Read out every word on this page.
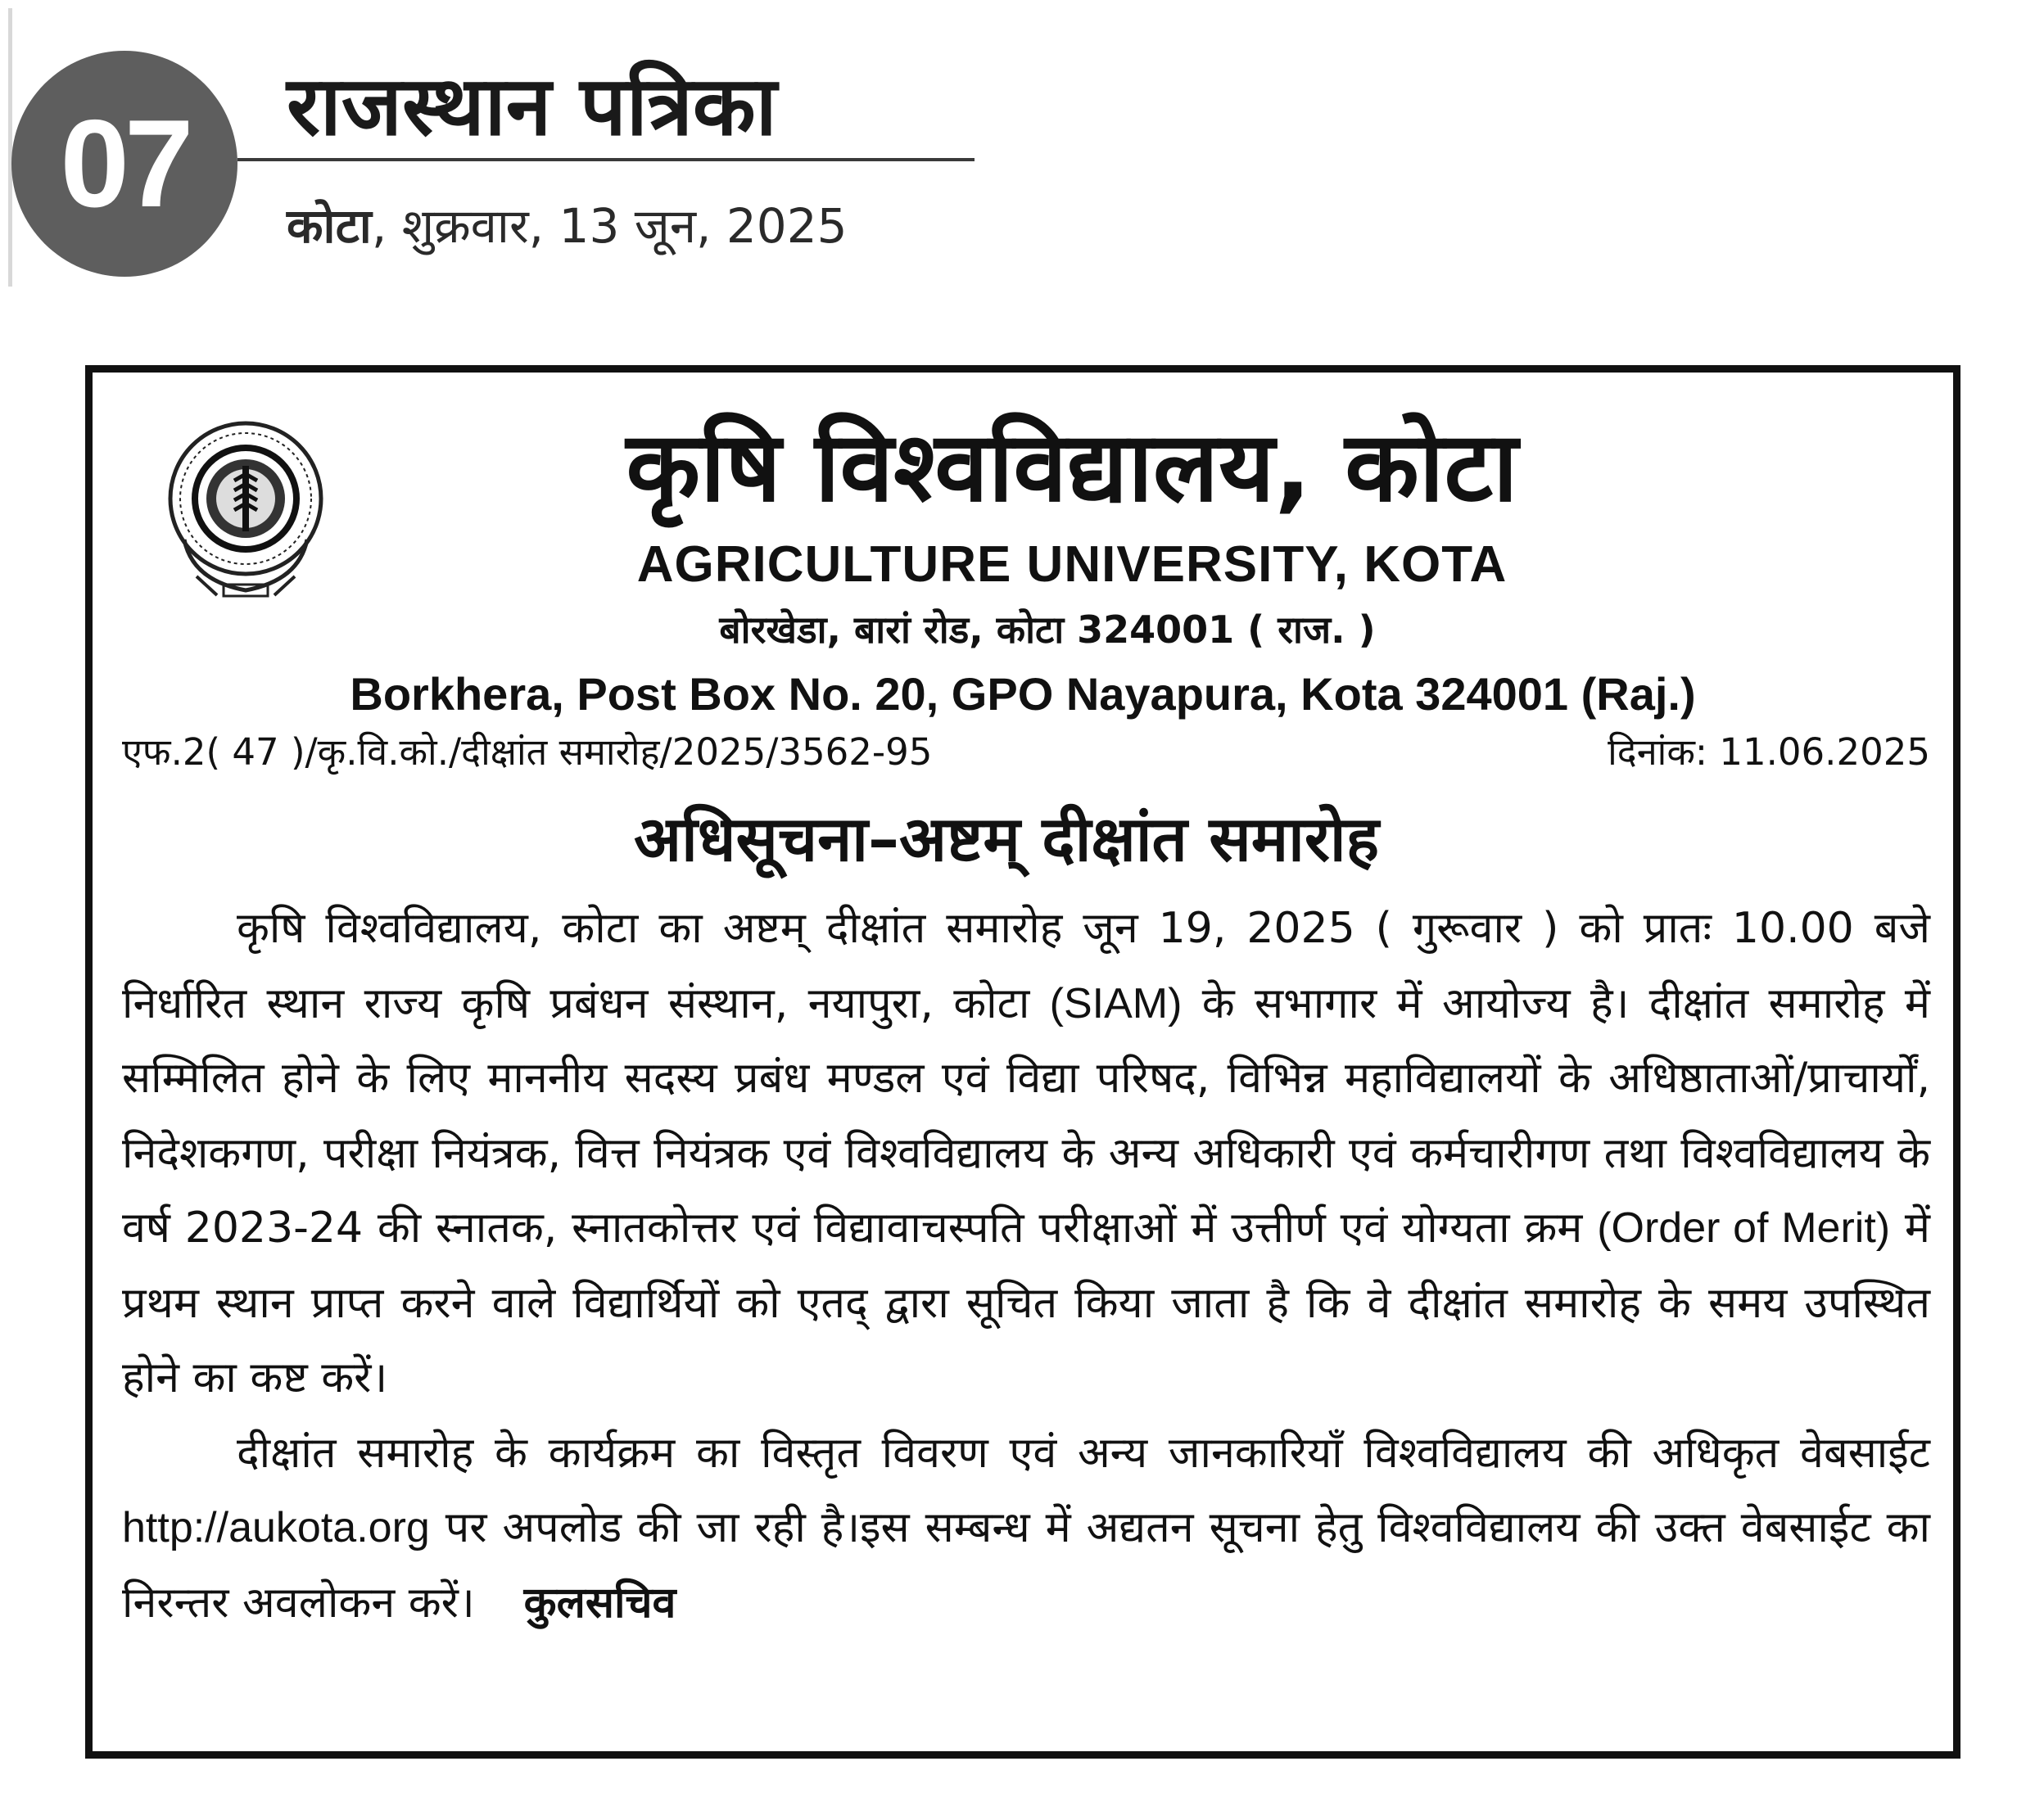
07	राजस्थान पत्रिका
कोटा, शुक्रवार, 13 जून, 2025
कृषि विश्वविद्यालय, कोटा
AGRICULTURE UNIVERSITY, KOTA
बोरखेडा, बारां रोड, कोटा 324001 ( राज. )
Borkhera, Post Box No. 20, GPO Nayapura, Kota 324001 (Raj.)
एफ.2( 47 )/कृ.वि.को./दीक्षांत समारोह/2025/3562-95	दिनांक: 11.06.2025
अधिसूचना–अष्टम् दीक्षांत समारोह

कृषि विश्वविद्यालय, कोटा का अष्टम् दीक्षांत समारोह जून 19, 2025 ( गुरूवार ) को प्रातः 10.00 बजे निर्धारित स्थान राज्य कृषि प्रबंधन संस्थान, नयापुरा, कोटा (SIAM) के सभागार में आयोज्य है। दीक्षांत समारोह में सम्मिलित होने के लिए माननीय सदस्य प्रबंध मण्डल एवं विद्या परिषद, विभिन्न महाविद्यालयों के अधिष्ठाताओं/प्राचार्यों, निदेशकगण, परीक्षा नियंत्रक, वित्त नियंत्रक एवं विश्वविद्यालय के अन्य अधिकारी एवं कर्मचारीगण तथा विश्वविद्यालय के वर्ष 2023-24 की स्नातक, स्नातकोत्तर एवं विद्यावाचस्पति परीक्षाओं में उत्तीर्ण एवं योग्यता क्रम (Order of Merit) में प्रथम स्थान प्राप्त करने वाले विद्यार्थियों को एतद् द्वारा सूचित किया जाता है कि वे दीक्षांत समारोह के समय उपस्थित होने का कष्ट करें।

दीक्षांत समारोह के कार्यक्रम का विस्तृत विवरण एवं अन्य जानकारियाँ विश्वविद्यालय की अधिकृत वेबसाईट http://aukota.org पर अपलोड की जा रही है।इस सम्बन्ध में अद्यतन सूचना हेतु विश्वविद्यालय की उक्त वेबसाईट का निरन्तर अवलोकन करें। कुलसचिव
